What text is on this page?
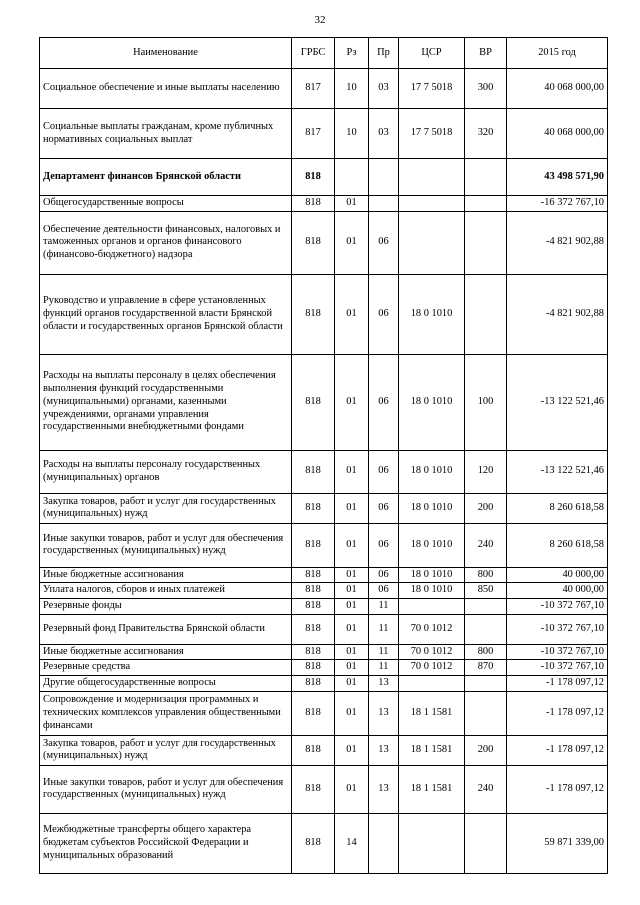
32
Наименование	ГРБС	Рз	Пр	ЦСР	ВР	2015 год
Социальное обеспечение и иные выплаты населению	817	10	03	17 7 5018	300	40 068 000,00
Социальные выплаты гражданам, кроме публичных нормативных социальных выплат	817	10	03	17 7 5018	320	40 068 000,00
Департамент финансов Брянской области	818					43 498 571,90
Общегосударственные вопросы	818	01				-16 372 767,10
Обеспечение деятельности финансовых, налоговых и таможенных органов и органов финансового (финансово-бюджетного) надзора	818	01	06			-4 821 902,88
Руководство и управление в сфере установленных функций органов государственной власти Брянской области и государственных органов Брянской области	818	01	06	18 0 1010		-4 821 902,88
Расходы на выплаты персоналу в целях обеспечения выполнения функций государственными (муниципальными) органами, казенными учреждениями, органами управления государственными внебюджетными фондами	818	01	06	18 0 1010	100	-13 122 521,46
Расходы на выплаты персоналу государственных (муниципальных) органов	818	01	06	18 0 1010	120	-13 122 521,46
Закупка товаров, работ и услуг для государственных (муниципальных) нужд	818	01	06	18 0 1010	200	8 260 618,58
Иные закупки товаров, работ и услуг для обеспечения государственных (муниципальных) нужд	818	01	06	18 0 1010	240	8 260 618,58
Иные бюджетные ассигнования	818	01	06	18 0 1010	800	40 000,00
Уплата налогов, сборов и иных платежей	818	01	06	18 0 1010	850	40 000,00
Резервные фонды	818	01	11			-10 372 767,10
Резервный фонд Правительства Брянской области	818	01	11	70 0 1012		-10 372 767,10
Иные бюджетные ассигнования	818	01	11	70 0 1012	800	-10 372 767,10
Резервные средства	818	01	11	70 0 1012	870	-10 372 767,10
Другие общегосударственные вопросы	818	01	13			-1 178 097,12
Сопровождение и модернизация программных и технических комплексов управления общественными финансами	818	01	13	18 1 1581		-1 178 097,12
Закупка товаров, работ и услуг для государственных (муниципальных) нужд	818	01	13	18 1 1581	200	-1 178 097,12
Иные закупки товаров, работ и услуг для обеспечения государственных (муниципальных) нужд	818	01	13	18 1 1581	240	-1 178 097,12
Межбюджетные трансферты общего характера бюджетам субъектов Российской Федерации и муниципальных образований	818	14				59 871 339,00
